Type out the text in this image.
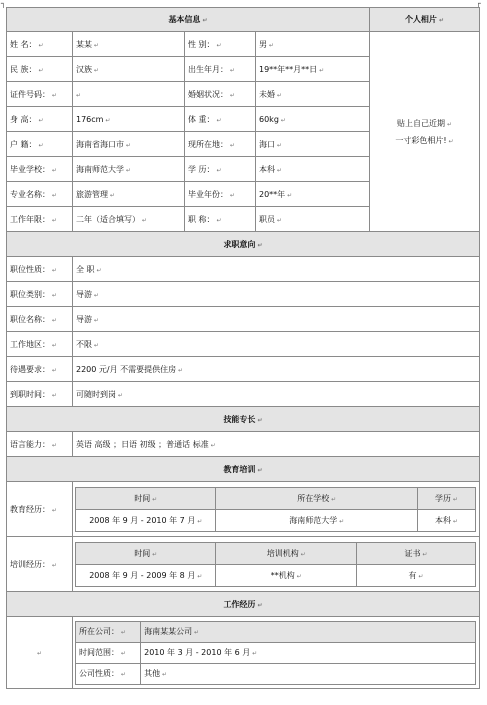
┐	┌
基本信息 ↵	个人相片 ↵
姓 名： ↵	某某 ↵	性 别： ↵	男 ↵	
贴上自己近期 ↵
一寸彩色相片! ↵

民 族： ↵	汉族 ↵	出生年月： ↵	19**年**月**日 ↵
证件号码： ↵	↵	婚姻状况： ↵	未婚 ↵
身 高： ↵	176cm ↵	体 重： ↵	60kg ↵
户 籍： ↵	海南省海口市 ↵	现所在地： ↵	海口 ↵
毕业学校： ↵	海南师范大学 ↵	学 历： ↵	本科 ↵
专业名称： ↵	旅游管理 ↵	毕业年份： ↵	20**年 ↵
工作年限： ↵	二年（适合填写） ↵	职 称： ↵	职员 ↵
求职意向 ↵
职位性质： ↵	全 职 ↵
职位类别： ↵	导游 ↵
职位名称： ↵	导游 ↵
工作地区： ↵	不限 ↵
待遇要求： ↵	2200 元/月 不需要提供住房 ↵
到职时间： ↵	可随时到岗 ↵
技能专长 ↵
语言能力： ↵	英语 高级 ；日语 初级 ；普通话 标准 ↵
教育培训 ↵
教育经历： ↵	
时间 ↵	所在学校 ↵	学历 ↵
2008 年 9 月 - 2010 年 7 月 ↵	海南师范大学 ↵	本科 ↵

培训经历： ↵	
时间 ↵	培训机构 ↵	证书 ↵
2008 年 9 月 - 2009 年 8 月 ↵	**机构 ↵	有 ↵

工作经历 ↵
↵	
所在公司： ↵	海南某某公司 ↵
时间范围： ↵	2010 年 3 月 - 2010 年 6 月 ↵
公司性质： ↵	其他 ↵
